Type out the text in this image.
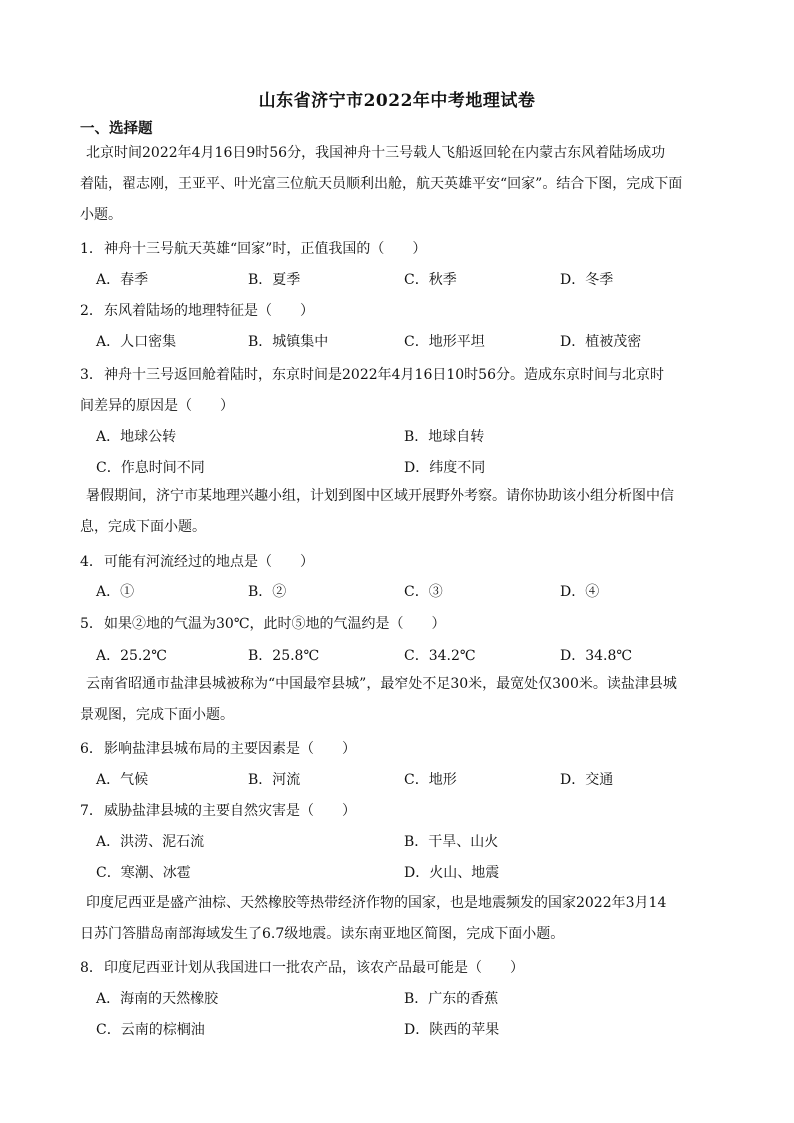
山东省济宁市2022年中考地理试卷
一、选择题
北京时间2022年4月16日9时56分，我国神舟十三号载人飞船返回轮在内蒙古东风着陆场成功
着陆，翟志刚，王亚平、叶光富三位航天员顺利出舱，航天英雄平安“回家”。结合下图，完成下面
小题。
1．神舟十三号航天英雄“回家”时，正值我国的（　　）
A．春季	B．夏季	C．秋季	D．冬季
2．东风着陆场的地理特征是（　　）
A．人口密集	B．城镇集中	C．地形平坦	D．植被茂密
3．神舟十三号返回舱着陆时，东京时间是2022年4月16日10时56分。造成东京时间与北京时
间差异的原因是（　　）
A．地球公转	B．地球自转
C．作息时间不同	D．纬度不同
暑假期间，济宁市某地理兴趣小组，计划到图中区域开展野外考察。请你协助该小组分析图中信
息，完成下面小题。
4．可能有河流经过的地点是（　　）
A．①	B．②	C．③	D．④
5．如果②地的气温为30℃，此时⑤地的气温约是（　　）
A．25.2℃	B．25.8℃	C．34.2℃	D．34.8℃
云南省昭通市盐津县城被称为“中国最窄县城”，最窄处不足30米，最宽处仅300米。读盐津县城
景观图，完成下面小题。
6．影响盐津县城布局的主要因素是（　　）
A．气候	B．河流	C．地形	D．交通
7．威胁盐津县城的主要自然灾害是（　　）
A．洪涝、泥石流	B．干旱、山火
C．寒潮、冰雹	D．火山、地震
印度尼西亚是盛产油棕、天然橡胶等热带经济作物的国家，也是地震频发的国家2022年3月14
日苏门答腊岛南部海域发生了6.7级地震。读东南亚地区简图，完成下面小题。
8．印度尼西亚计划从我国进口一批农产品，该农产品最可能是（　　）
A．海南的天然橡胶	B．广东的香蕉
C．云南的棕榈油	D．陕西的苹果
